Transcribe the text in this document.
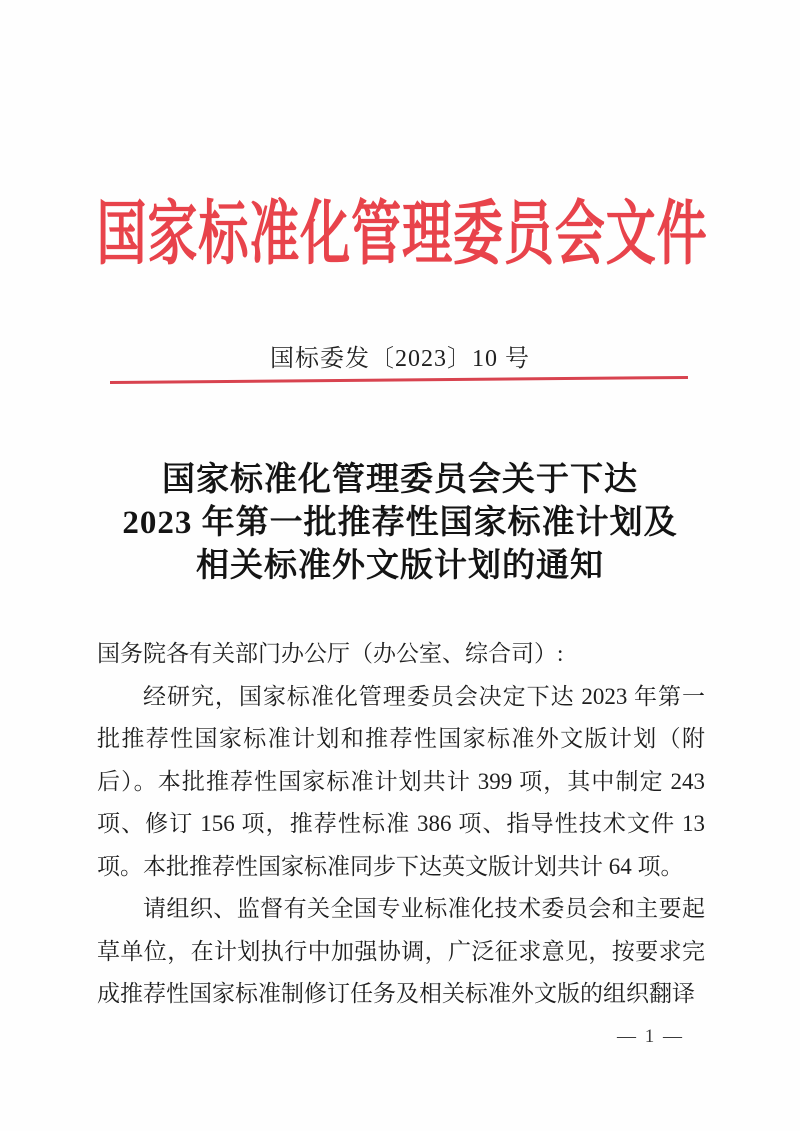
国家标准化管理委员会文件
国标委发〔2023〕10 号
国家标准化管理委员会关于下达
2023 年第一批推荐性国家标准计划及
相关标准外文版计划的通知

国务院各有关部门办公厅（办公室、综合司）:

经研究，国家标准化管理委员会决定下达 2023 年第一批推荐性国家标准计划和推荐性国家标准外文版计划（附后）。本批推荐性国家标准计划共计 399 项，其中制定 243 项、修订 156 项，推荐性标准 386 项、指导性技术文件 13 项。本批推荐性国家标准同步下达英文版计划共计 64 项。

请组织、监督有关全国专业标准化技术委员会和主要起草单位，在计划执行中加强协调，广泛征求意见，按要求完成推荐性国家标准制修订任务及相关标准外文版的组织翻译

— 1 —
